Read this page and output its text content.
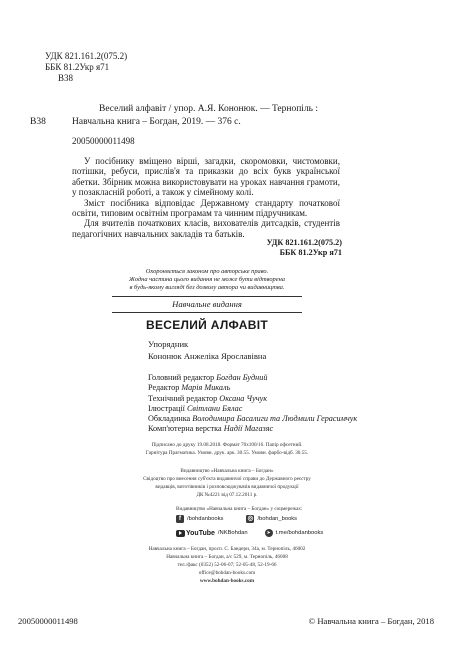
УДК 821.161.2(075.2)
ББК 81.2Укр я71
В38
В38
Веселий алфавіт / упор. А.Я. Кононюк. — Тернопіль :
Навчальна книга – Богдан, 2019. — 376 с.
20050000011498

У посібнику вміщено вірші, загадки, скоромовки, чистомовки, потішки, ребуси, прислів'я та приказки до всіх букв української абетки. Збірник можна використовувати на уроках навчання грамоти, у позакласній роботі, а також у сімейному колі.

Зміст посібника відповідає Державному стандарту початкової освіти, типовим освітнім програмам та чинним підручникам.

Для вчителів початкових класів, вихователів дитсадків, студентів педагогічних навчальних закладів та батьків.

УДК 821.161.2(075.2)
ББК 81.2Укр я71
Охороняється законом про авторське право.
Жодна частина цього видання не може бути відтворена
в будь-якому вигляді без дозволу автора чи видавництва.
Навчальне видання
ВЕСЕЛИЙ АЛФАВІТ
Упорядник
Кононюк Анжеліка Ярославівна
Головний редактор Богдан Будний
Редактор Марія Микаль
Технічний редактор Оксана Чучук
Ілюстрації Світлани Бялас
Обкладинка Володимира Басалиги та Людмили Герасимчук
Комп'ютерна верстка Надії Магазяс
Підписано до друку 19.08.2018. Формат 70х100/16. Папір офсетний.
Гарнітура Прагматика. Умовн. друк. арк. 30.55. Умовн. фарбо-відб. 30.55.
Видавництво «Навчальна книга – Богдан»
Свідоцтво про внесення суб'єкта видавничої справи до Державного реєстру
видавців, виготівників і розповсюджувачів видавничої продукції
ДК №4221 від 07.12.2011 р.
Видавництво «Навчальна книга – Богдан» у соцмережах:
f	/bohdanbooks	◎ /bohdan_books
YouTube /NKBohdan	➤ t.me/bohdanbooks
Навчальна книга – Богдан, просп. С. Бандери, 34а, м. Тернопіль, 46002
Навчальна книга – Богдан, а/с 529, м. Тернопіль, 46008
тел./факс (0352) 52-06-07; 52-05-48, 52-19-66
office@bohdan-books.com
www.bohdan-books.com
20050000011498	© Навчальна книга – Богдан, 2018
